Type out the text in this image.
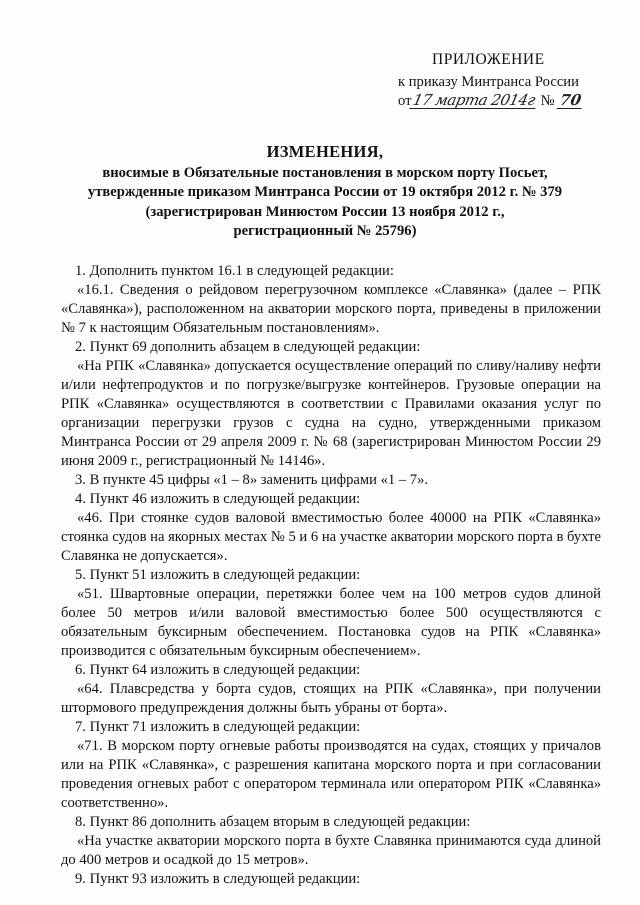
ПРИЛОЖЕНИЕ
к приказу Минтранса России
от17 марта 2014г № 70
ИЗМЕНЕНИЯ,
вносимые в Обязательные постановления в морском порту Посьет,
утвержденные приказом Минтранса России от 19 октября 2012 г. № 379
(зарегистрирован Минюстом России 13 ноября 2012 г.,
регистрационный № 25796)

1. Дополнить пунктом 16.1 в следующей редакции:

«16.1. Сведения о рейдовом перегрузочном комплексе «Славянка» (далее – РПК «Славянка»), расположенном на акватории морского порта, приведены в приложении № 7 к настоящим Обязательным постановлениям».

2. Пункт 69 дополнить абзацем в следующей редакции:

«На РПК «Славянка» допускается осуществление операций по сливу/наливу нефти и/или нефтепродуктов и по погрузке/выгрузке контейнеров. Грузовые операции на РПК «Славянка» осуществляются в соответствии с Правилами оказания услуг по организации перегрузки грузов с судна на судно, утвержденными приказом Минтранса России от 29 апреля 2009 г. № 68 (зарегистрирован Минюстом России 29 июня 2009 г., регистрационный № 14146».

3. В пункте 45 цифры «1 – 8» заменить цифрами «1 – 7».

4. Пункт 46 изложить в следующей редакции:

«46. При стоянке судов валовой вместимостью более 40000 на РПК «Славянка» стоянка судов на якорных местах № 5 и 6 на участке акватории морского порта в бухте Славянка не допускается».

5. Пункт 51 изложить в следующей редакции:

«51. Швартовные операции, перетяжки более чем на 100 метров судов длиной более 50 метров и/или валовой вместимостью более 500 осуществляются с обязательным буксирным обеспечением. Постановка судов на РПК «Славянка» производится с обязательным буксирным обеспечением».

6. Пункт 64 изложить в следующей редакции:

«64. Плавсредства у борта судов, стоящих на РПК «Славянка», при получении штормового предупреждения должны быть убраны от борта».

7. Пункт 71 изложить в следующей редакции:

«71. В морском порту огневые работы производятся на судах, стоящих у причалов или на РПК «Славянка», с разрешения капитана морского порта и при согласовании проведения огневых работ с оператором терминала или оператором РПК «Славянка» соответственно».

8. Пункт 86 дополнить абзацем вторым в следующей редакции:

«На участке акватории морского порта в бухте Славянка принимаются суда длиной до 400 метров и осадкой до 15 метров».

9. Пункт 93 изложить в следующей редакции:
